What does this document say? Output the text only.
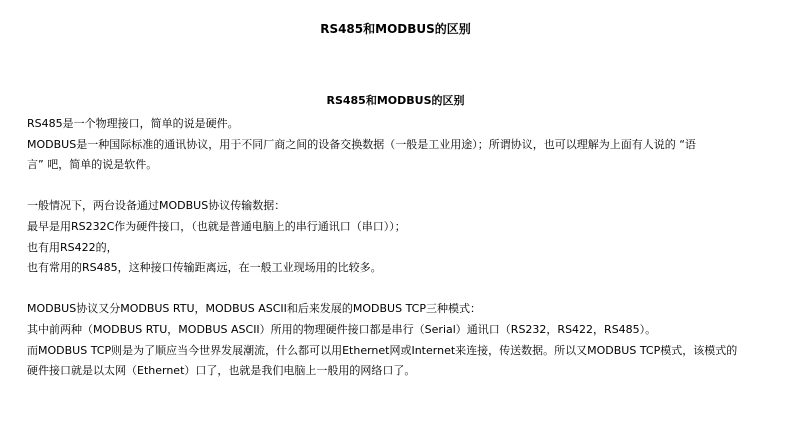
RS485和MODBUS的区别
RS485和MODBUS的区别
RS485是一个物理接口，简单的说是硬件。
MODBUS是一种国际标准的通讯协议，用于不同厂商之间的设备交换数据（一般是工业用途）；所谓协议，也可以理解为上面有人说的 “语
言” 吧，简单的说是软件。
一般情况下，两台设备通过MODBUS协议传输数据：
最早是用RS232C作为硬件接口，（也就是普通电脑上的串行通讯口（串口））；
也有用RS422的，
也有常用的RS485，这种接口传输距离远，在一般工业现场用的比较多。
MODBUS协议又分MODBUS RTU，MODBUS ASCII和后来发展的MODBUS TCP三种模式：
其中前两种（MODBUS RTU，MODBUS ASCII）所用的物理硬件接口都是串行（Serial）通讯口（RS232，RS422，RS485）。
而MODBUS TCP则是为了顺应当今世界发展潮流，什么都可以用Ethernet网或Internet来连接，传送数据。所以又MODBUS TCP模式，该模式的
硬件接口就是以太网（Ethernet）口了，也就是我们电脑上一般用的网络口了。
